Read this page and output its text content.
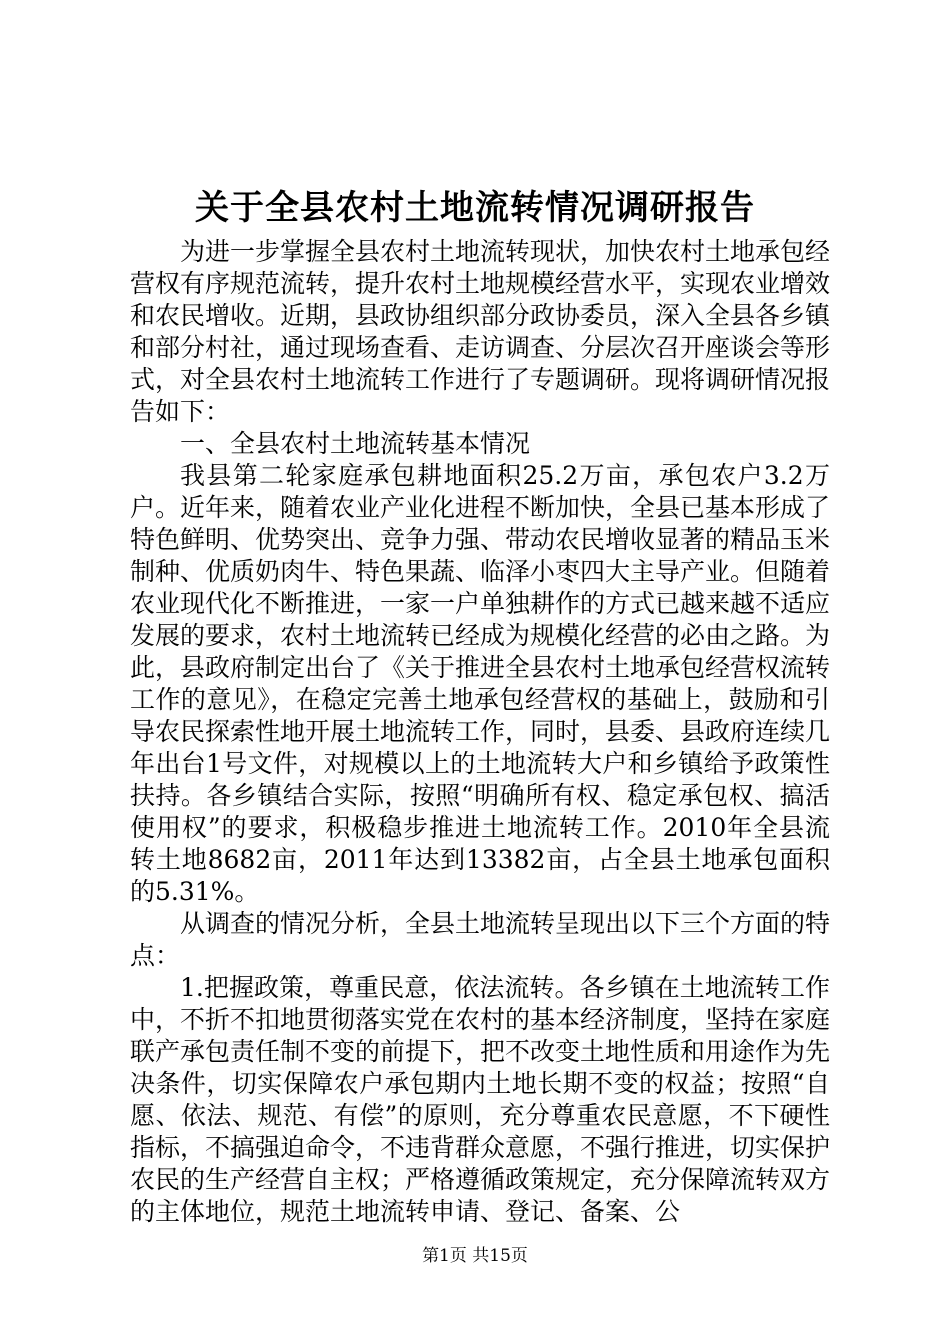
关于全县农村土地流转情况调研报告

为进一步掌握全县农村土地流转现状，加快农村土地承包经营权有序规范流转，提升农村土地规模经营水平，实现农业增效和农民增收。近期，县政协组织部分政协委员，深入全县各乡镇和部分村社，通过现场查看、走访调查、分层次召开座谈会等形式，对全县农村土地流转工作进行了专题调研。现将调研情况报告如下：

一、全县农村土地流转基本情况

我县第二轮家庭承包耕地面积25.2万亩，承包农户3.2万户。近年来，随着农业产业化进程不断加快，全县已基本形成了特色鲜明、优势突出、竞争力强、带动农民增收显著的精品玉米制种、优质奶肉牛、特色果蔬、临泽小枣四大主导产业。但随着农业现代化不断推进，一家一户单独耕作的方式已越来越不适应发展的要求，农村土地流转已经成为规模化经营的必由之路。为此，县政府制定出台了《关于推进全县农村土地承包经营权流转工作的意见》，在稳定完善土地承包经营权的基础上，鼓励和引导农民探索性地开展土地流转工作，同时，县委、县政府连续几年出台1号文件，对规模以上的土地流转大户和乡镇给予政策性扶持。各乡镇结合实际，按照“明确所有权、稳定承包权、搞活使用权”的要求，积极稳步推进土地流转工作。2010年全县流转土地8682亩，2011年达到13382亩，占全县土地承包面积的5.31%。

从调查的情况分析，全县土地流转呈现出以下三个方面的特点：

1.把握政策，尊重民意，依法流转。各乡镇在土地流转工作中，不折不扣地贯彻落实党在农村的基本经济制度，坚持在家庭联产承包责任制不变的前提下，把不改变土地性质和用途作为先决条件，切实保障农户承包期内土地长期不变的权益；按照“自愿、依法、规范、有偿”的原则，充分尊重农民意愿，不下硬性指标，不搞强迫命令，不违背群众意愿，不强行推进，切实保护农民的生产经营自主权；严格遵循政策规定，充分保障流转双方的主体地位，规范土地流转申请、登记、备案、公

第1页 共15页
